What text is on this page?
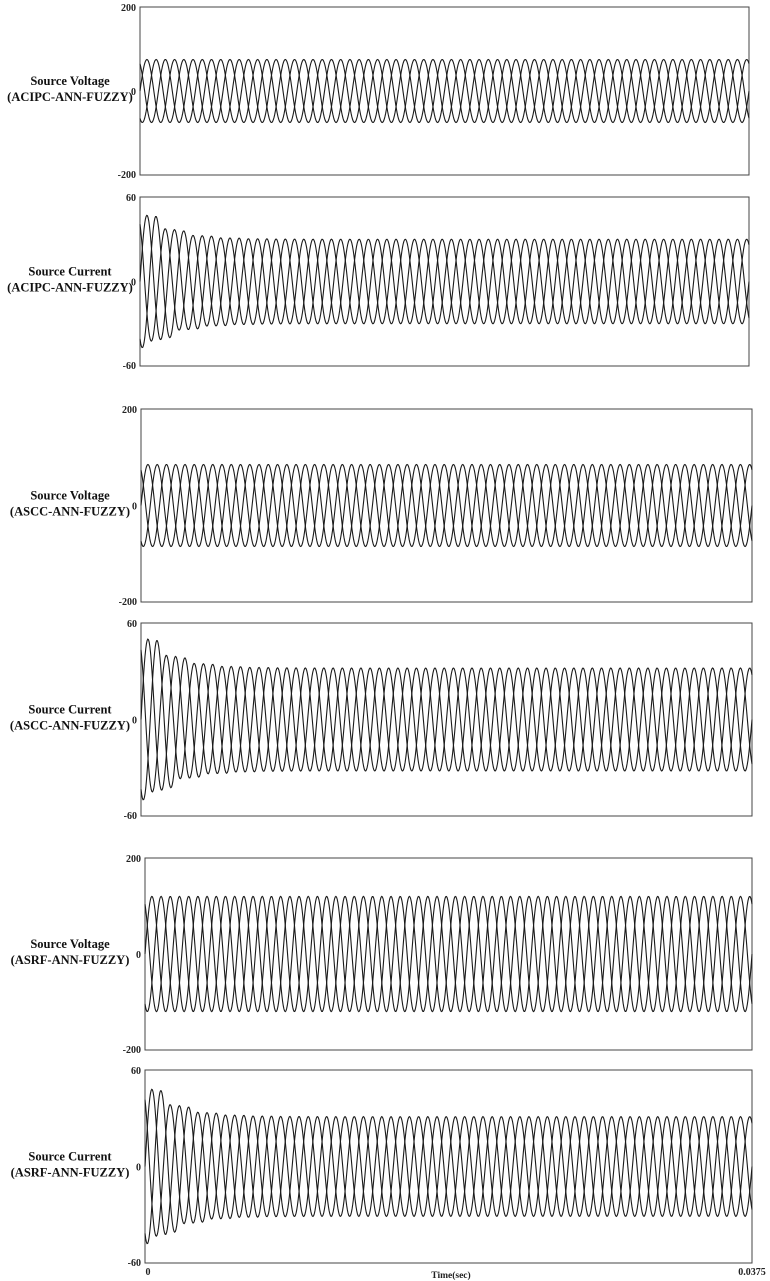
200
0
-200
Source Voltage
(ACIPC-ANN-FUZZY)
60
0
-60
Source Current
(ACIPC-ANN-FUZZY)
200
0
-200
Source Voltage
(ASCC-ANN-FUZZY)
60
0
-60
Source Current
(ASCC-ANN-FUZZY)
200
0
-200
Source Voltage
(ASRF-ANN-FUZZY)
60
0
-60
Source Current
(ASRF-ANN-FUZZY)
0	0.0375
Time(sec)
